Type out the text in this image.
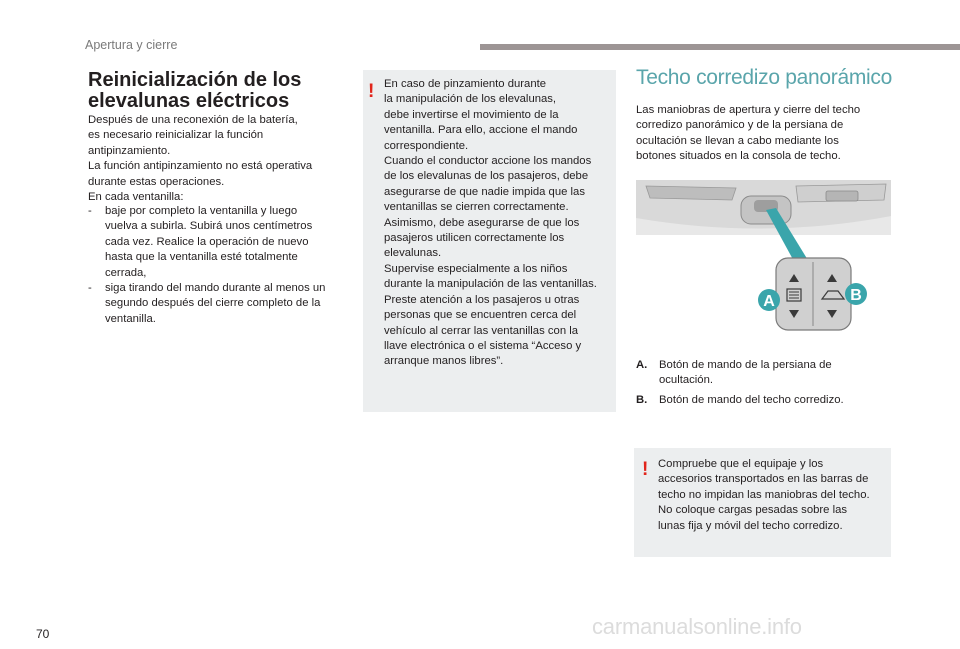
Apertura y cierre
Reinicialización de los
elevalunas eléctricos
Después de una reconexión de la batería,
es necesario reinicializar la función
antipinzamiento.
La función antipinzamiento no está operativa
durante estas operaciones.
En cada ventanilla:
- baje por completo la ventanilla y luego
vuelva a subirla. Subirá unos centímetros
cada vez. Realice la operación de nuevo
hasta que la ventanilla esté totalmente
cerrada,
- siga tirando del mando durante al menos un
segundo después del cierre completo de la
ventanilla.
! En caso de pinzamiento durante
la manipulación de los elevalunas,
debe invertirse el movimiento de la
ventanilla. Para ello, accione el mando
correspondiente.
Cuando el conductor accione los mandos
de los elevalunas de los pasajeros, debe
asegurarse de que nadie impida que las
ventanillas se cierren correctamente.
Asimismo, debe asegurarse de que los
pasajeros utilicen correctamente los
elevalunas.
Supervise especialmente a los niños
durante la manipulación de las ventanillas.
Preste atención a los pasajeros u otras
personas que se encuentren cerca del
vehículo al cerrar las ventanillas con la
llave electrónica o el sistema “Acceso y
arranque manos libres”.
Techo corredizo panorámico
Las maniobras de apertura y cierre del techo
corredizo panorámico y de la persiana de
ocultación se llevan a cabo mediante los
botones situados en la consola de techo.
A	B
A. Botón de mando de la persiana de
ocultación.
B. Botón de mando del techo corredizo.
! Compruebe que el equipaje y los
accesorios transportados en las barras de
techo no impidan las maniobras del techo.
No coloque cargas pesadas sobre las
lunas fija y móvil del techo corredizo.
70	carmanualsonline.info
